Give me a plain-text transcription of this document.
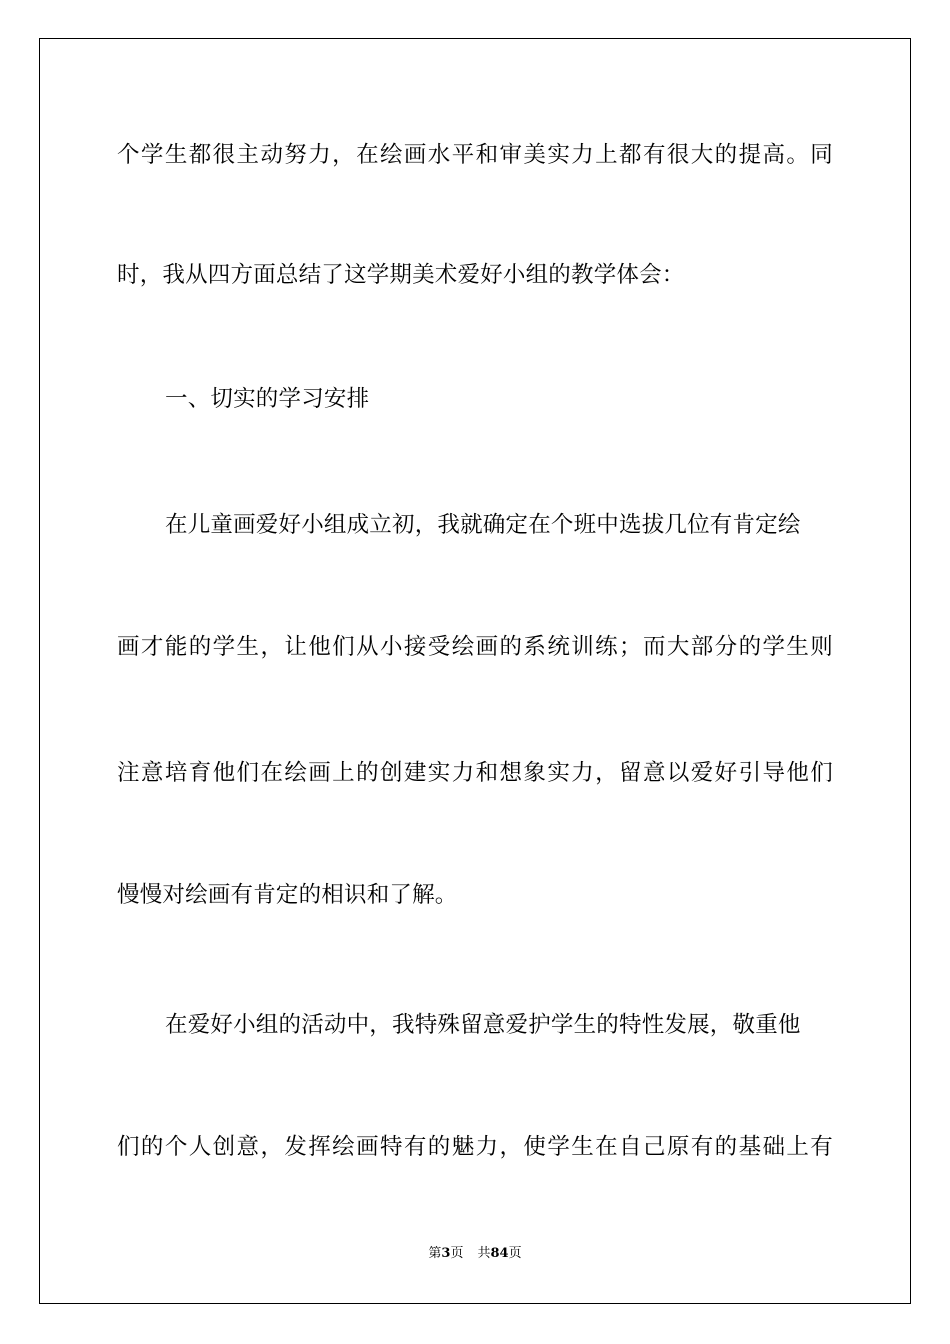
个学生都很主动努力，在绘画水平和审美实力上都有很大的提高。同
时，我从四方面总结了这学期美术爱好小组的教学体会：
一、切实的学习安排
在儿童画爱好小组成立初，我就确定在个班中选拔几位有肯定绘
画才能的学生，让他们从小接受绘画的系统训练；而大部分的学生则
注意培育他们在绘画上的创建实力和想象实力，留意以爱好引导他们
慢慢对绘画有肯定的相识和了解。
在爱好小组的活动中，我特殊留意爱护学生的特性发展，敬重他
们的个人创意，发挥绘画特有的魅力，使学生在自己原有的基础上有
第3页 共84页
